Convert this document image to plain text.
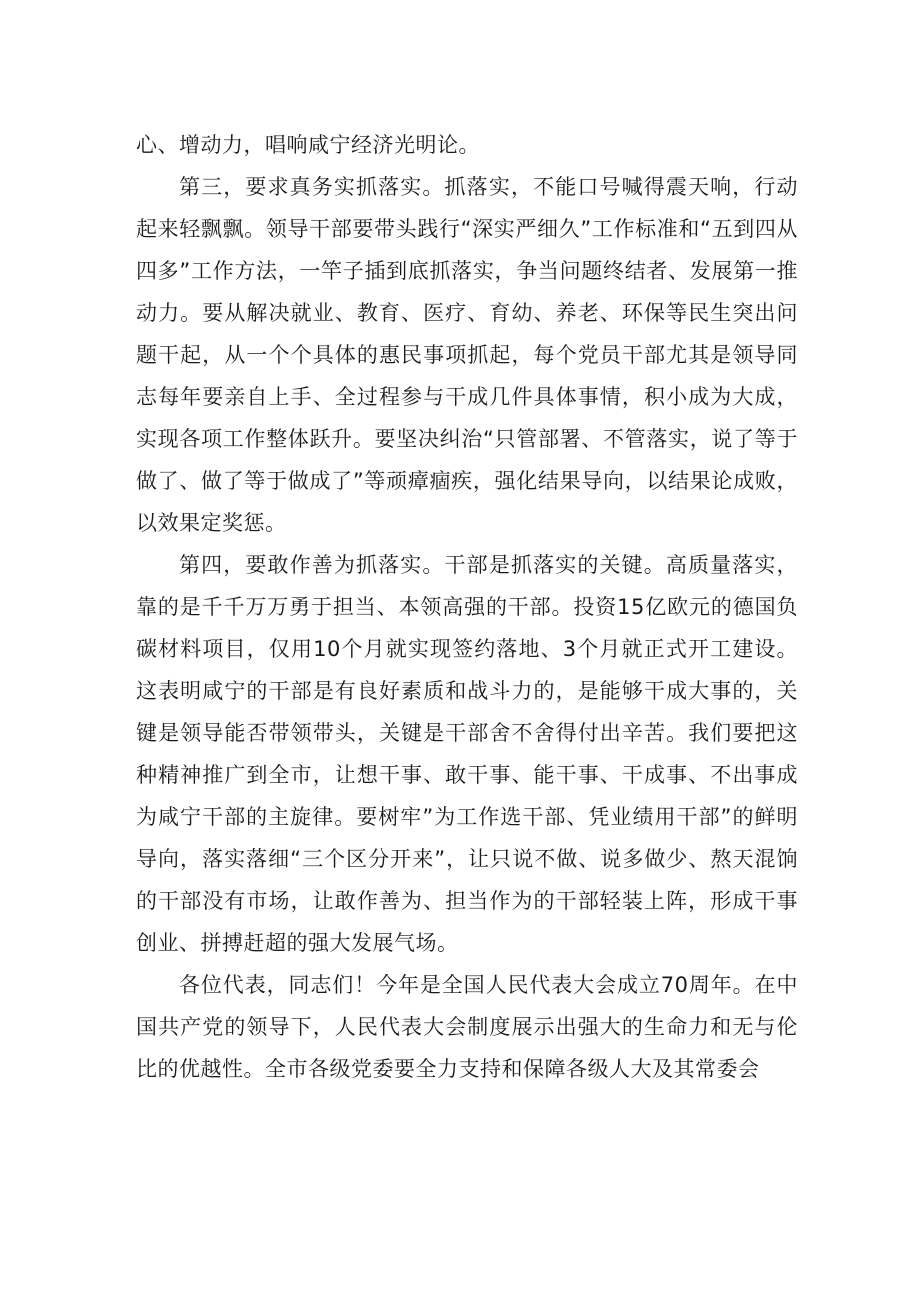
心、增动力，唱响咸宁经济光明论。

第三，要求真务实抓落实。抓落实，不能口号喊得震天响，行动起来轻飘飘。领导干部要带头践行“深实严细久”工作标准和“五到四从四多”工作方法，一竿子插到底抓落实，争当问题终结者、发展第一推动力。要从解决就业、教育、医疗、育幼、养老、环保等民生突出问题干起，从一个个具体的惠民事项抓起，每个党员干部尤其是领导同志每年要亲自上手、全过程参与干成几件具体事情，积小成为大成，实现各项工作整体跃升。要坚决纠治“只管部署、不管落实，说了等于做了、做了等于做成了”等顽瘴痼疾，强化结果导向，以结果论成败，以效果定奖惩。

第四，要敢作善为抓落实。干部是抓落实的关键。高质量落实，靠的是千千万万勇于担当、本领高强的干部。投资15亿欧元的德国负碳材料项目，仅用10个月就实现签约落地、3个月就正式开工建设。这表明咸宁的干部是有良好素质和战斗力的，是能够干成大事的，关键是领导能否带领带头，关键是干部舍不舍得付出辛苦。我们要把这种精神推广到全市，让想干事、敢干事、能干事、干成事、不出事成为咸宁干部的主旋律。要树牢”为工作选干部、凭业绩用干部”的鲜明导向，落实落细“三个区分开来”，让只说不做、说多做少、熬天混饷的干部没有市场，让敢作善为、担当作为的干部轻装上阵，形成干事创业、拼搏赶超的强大发展气场。

各位代表，同志们！今年是全国人民代表大会成立70周年。在中国共产党的领导下，人民代表大会制度展示出强大的生命力和无与伦比的优越性。全市各级党委要全力支持和保障各级人大及其常委会
